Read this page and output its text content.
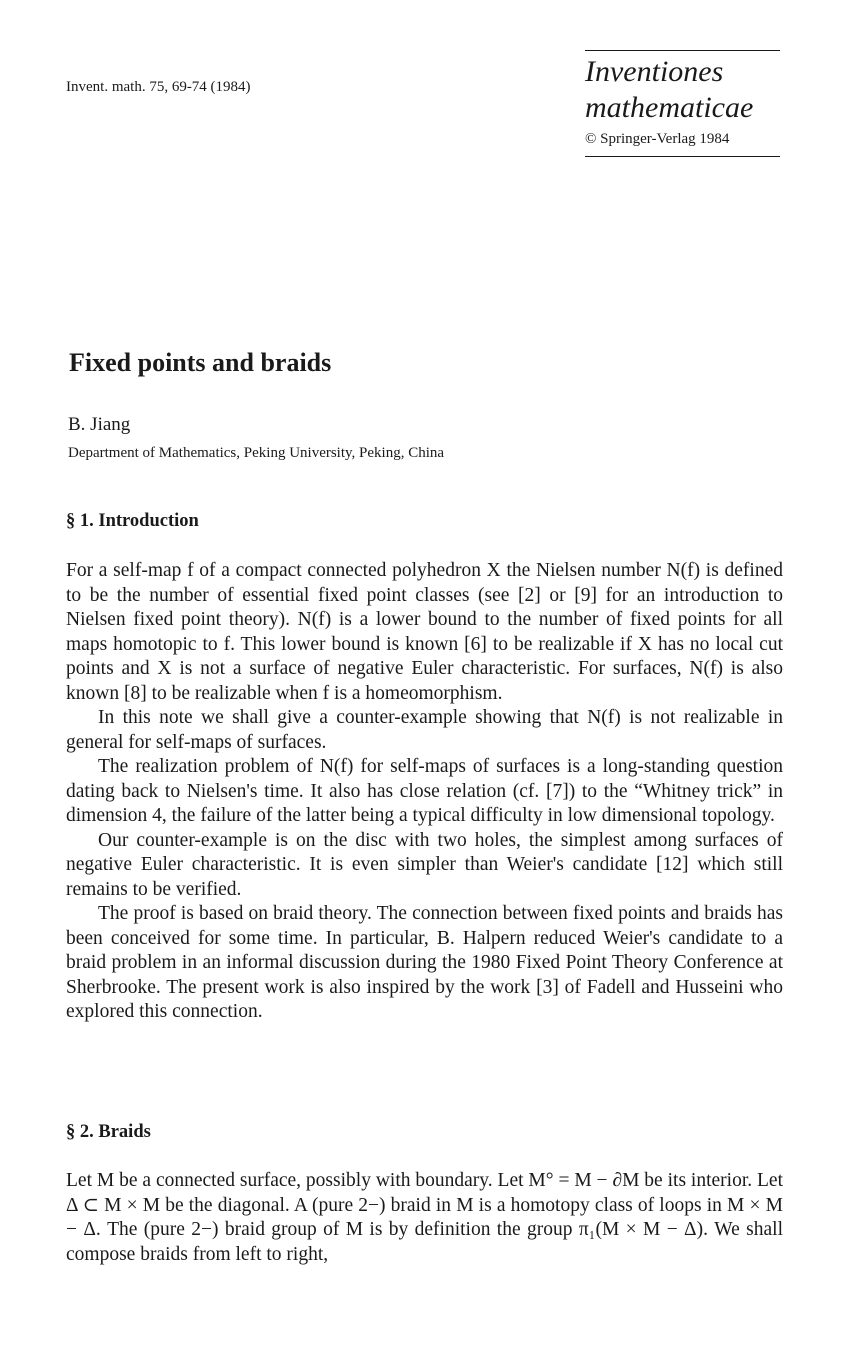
Invent. math. 75, 69-74 (1984)	Inventiones
mathematicae
© Springer-Verlag 1984
Fixed points and braids
B. Jiang
Department of Mathematics, Peking University, Peking, China
§ 1. Introduction

For a self-map f of a compact connected polyhedron X the Nielsen number N(f) is defined to be the number of essential fixed point classes (see [2] or [9] for an introduction to Nielsen fixed point theory). N(f) is a lower bound to the number of fixed points for all maps homotopic to f. This lower bound is known [6] to be realizable if X has no local cut points and X is not a surface of negative Euler characteristic. For surfaces, N(f) is also known [8] to be realizable when f is a homeomorphism.

In this note we shall give a counter-example showing that N(f) is not realizable in general for self-maps of surfaces.

The realization problem of N(f) for self-maps of surfaces is a long-standing question dating back to Nielsen's time. It also has close relation (cf. [7]) to the “Whitney trick” in dimension 4, the failure of the latter being a typical difficulty in low dimensional topology.

Our counter-example is on the disc with two holes, the simplest among surfaces of negative Euler characteristic. It is even simpler than Weier's candidate [12] which still remains to be verified.

The proof is based on braid theory. The connection between fixed points and braids has been conceived for some time. In particular, B. Halpern reduced Weier's candidate to a braid problem in an informal discussion during the 1980 Fixed Point Theory Conference at Sherbrooke. The present work is also inspired by the work [3] of Fadell and Husseini who explored this connection.

§ 2. Braids

Let M be a connected surface, possibly with boundary. Let M° = M − ∂M be its interior. Let Δ ⊂ M × M be the diagonal. A (pure 2−) braid in M is a homotopy class of loops in M × M − Δ. The (pure 2−) braid group of M is by definition the group π₁(M × M − Δ). We shall compose braids from left to right,
